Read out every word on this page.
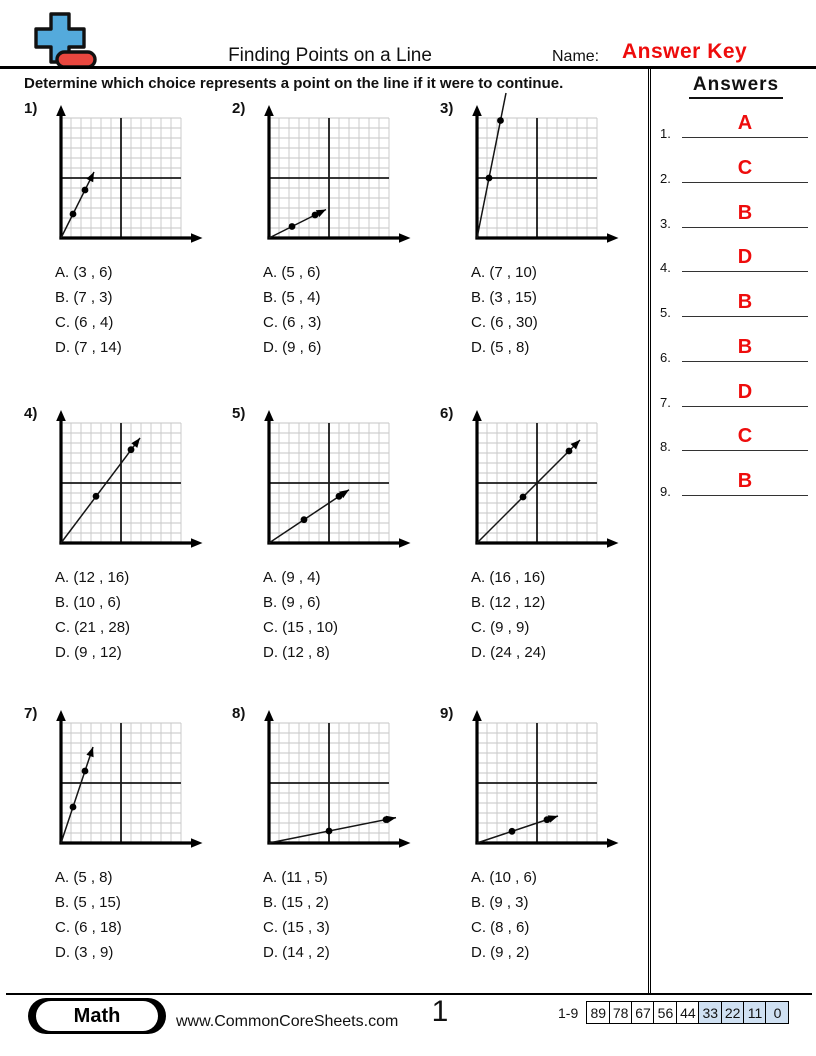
Finding Points on a Line	Name: Answer Key
Determine which choice represents a point on the line if it were to continue.
1)
A. (3 , 6)
B. (7 , 3)
C. (6 , 4)
D. (7 , 14)
2)
A. (5 , 6)
B. (5 , 4)
C. (6 , 3)
D. (9 , 6)
3)
A. (7 , 10)
B. (3 , 15)
C. (6 , 30)
D. (5 , 8)
4)
A. (12 , 16)
B. (10 , 6)
C. (21 , 28)
D. (9 , 12)
5)
A. (9 , 4)
B. (9 , 6)
C. (15 , 10)
D. (12 , 8)
6)
A. (16 , 16)
B. (12 , 12)
C. (9 , 9)
D. (24 , 24)
7)
A. (5 , 8)
B. (5 , 15)
C. (6 , 18)
D. (3 , 9)
8)
A. (11 , 5)
B. (15 , 2)
C. (15 , 3)
D. (14 , 2)
9)
A. (10 , 6)
B. (9 , 3)
C. (8 , 6)
D. (9 , 2)
Answers
1.	A
2.	C
3.	B
4.	D
5.	B
6.	B
7.	D
8.	C
9.	B
Math	www.CommonCoreSheets.com	1	1-9 89 78 67 56 44 33 22 11 0
